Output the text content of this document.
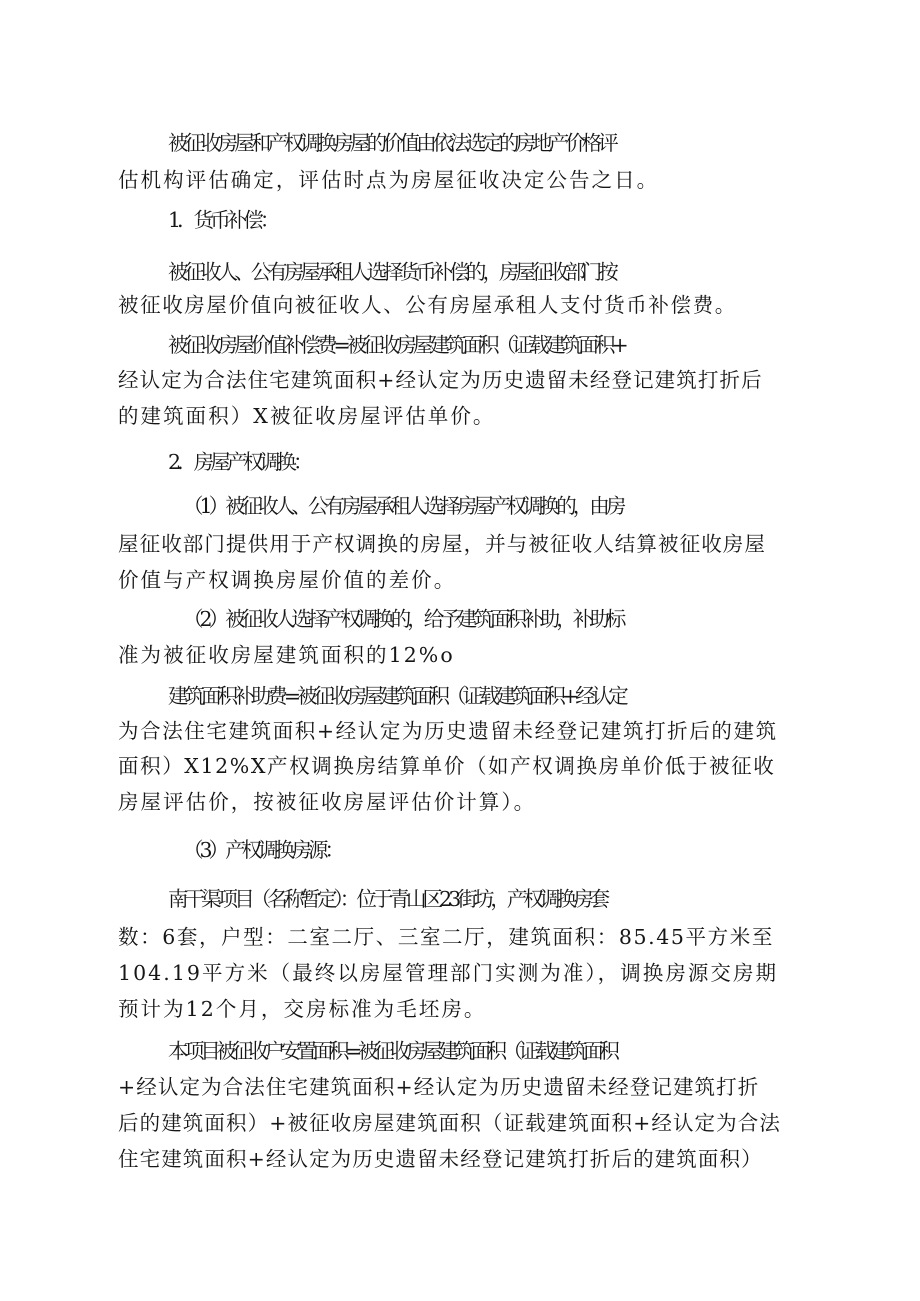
被征收房屋和产权调换房屋的价值由依法选定的房地产价格评
估机构评估确定，评估时点为房屋征收决定公告之日。
1．货币补偿：
被征收人、公有房屋承租人选择货币补偿的，房屋征收部门按
被征收房屋价值向被征收人、公有房屋承租人支付货币补偿费。
被征收房屋价值补偿费=被征收房屋建筑面积（证载建筑面积+
经认定为合法住宅建筑面积+经认定为历史遗留未经登记建筑打折后
的建筑面积）X被征收房屋评估单价。
2．房屋产权调换：
（1）被征收人、公有房屋承租人选择房屋产权调换的，由房
屋征收部门提供用于产权调换的房屋，并与被征收人结算被征收房屋
价值与产权调换房屋价值的差价。
（2）被征收人选择产权调换的，给予建筑面积补助，补助标
准为被征收房屋建筑面积的12%o
建筑面积补助费=被征收房屋建筑面积（证载建筑面积+经认定
为合法住宅建筑面积+经认定为历史遗留未经登记建筑打折后的建筑
面积）X12%X产权调换房结算单价（如产权调换房单价低于被征收
房屋评估价，按被征收房屋评估价计算）。
（3）产权调换房源：
南干渠项目（名称暂定）：位于青山区23街坊，产权调换房套
数：6套，户型：二室二厅、三室二厅，建筑面积：85.45平方米至
104.19平方米（最终以房屋管理部门实测为准），调换房源交房期
预计为12个月，交房标准为毛坯房。
本项目被征收户安置面积=被征收房屋建筑面积（证载建筑面积
+经认定为合法住宅建筑面积+经认定为历史遗留未经登记建筑打折
后的建筑面积）+被征收房屋建筑面积（证载建筑面积+经认定为合法
住宅建筑面积+经认定为历史遗留未经登记建筑打折后的建筑面积）
